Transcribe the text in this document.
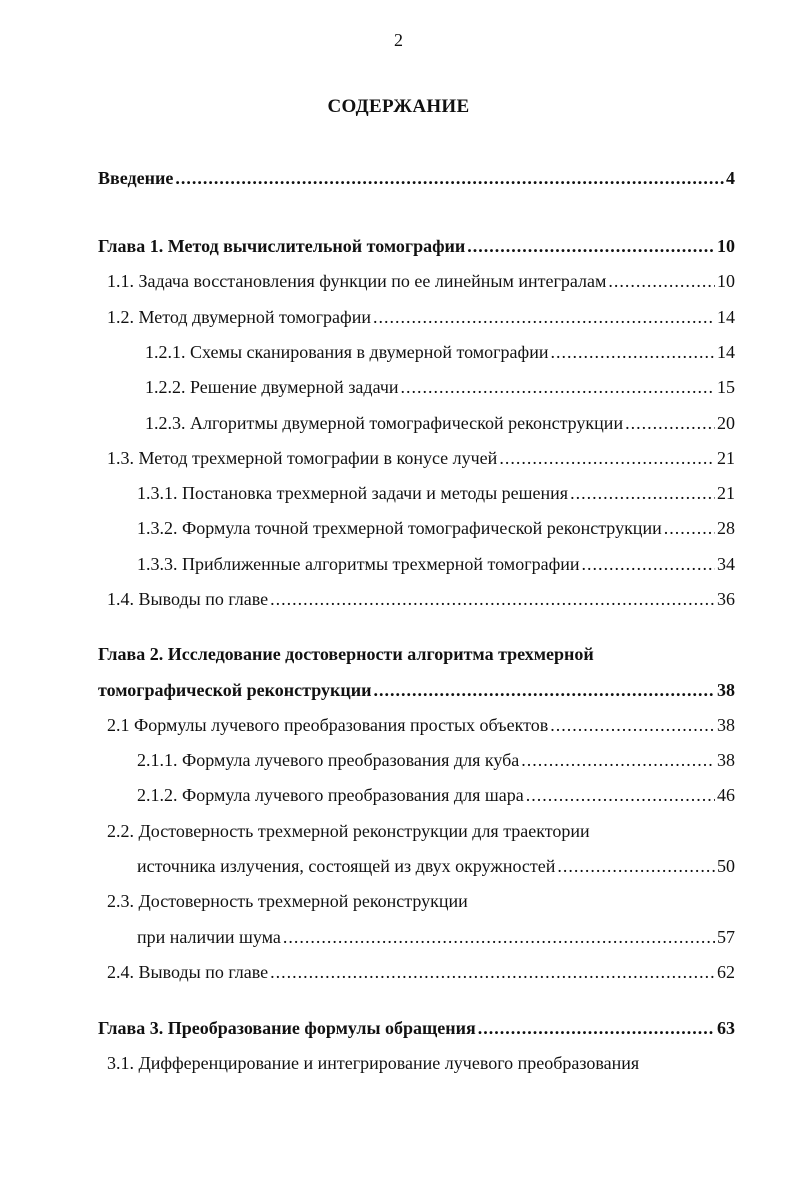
2
СОДЕРЖАНИЕ
Введение .....	4
Глава 1. Метод вычислительной томографии .....	10
1.1. Задача восстановления функции по ее линейным интегралам .....	10
1.2. Метод двумерной томографии .....	14
1.2.1. Схемы сканирования в двумерной томографии .....	14
1.2.2. Решение двумерной задачи .....	15
1.2.3. Алгоритмы двумерной томографической реконструкции .....	20
1.3. Метод трехмерной томографии в конусе лучей .....	21
1.3.1. Постановка трехмерной задачи и методы решения .....	21
1.3.2. Формула точной трехмерной томографической реконструкции .....	28
1.3.3. Приближенные алгоритмы трехмерной томографии .....	34
1.4. Выводы по главе .....	36
Глава 2. Исследование достоверности алгоритма трехмерной
томографической реконструкции .....	38
2.1 Формулы лучевого преобразования простых объектов .....	38
2.1.1. Формула лучевого преобразования для куба .....	38
2.1.2. Формула лучевого преобразования для шара .....	46
2.2. Достоверность трехмерной реконструкции для траектории
источника излучения, состоящей из двух окружностей .....	50
2.3. Достоверность трехмерной реконструкции
при наличии шума .....	57
2.4. Выводы по главе .....	62
Глава 3. Преобразование формулы обращения .....	63
3.1. Дифференцирование и интегрирование лучевого преобразования
